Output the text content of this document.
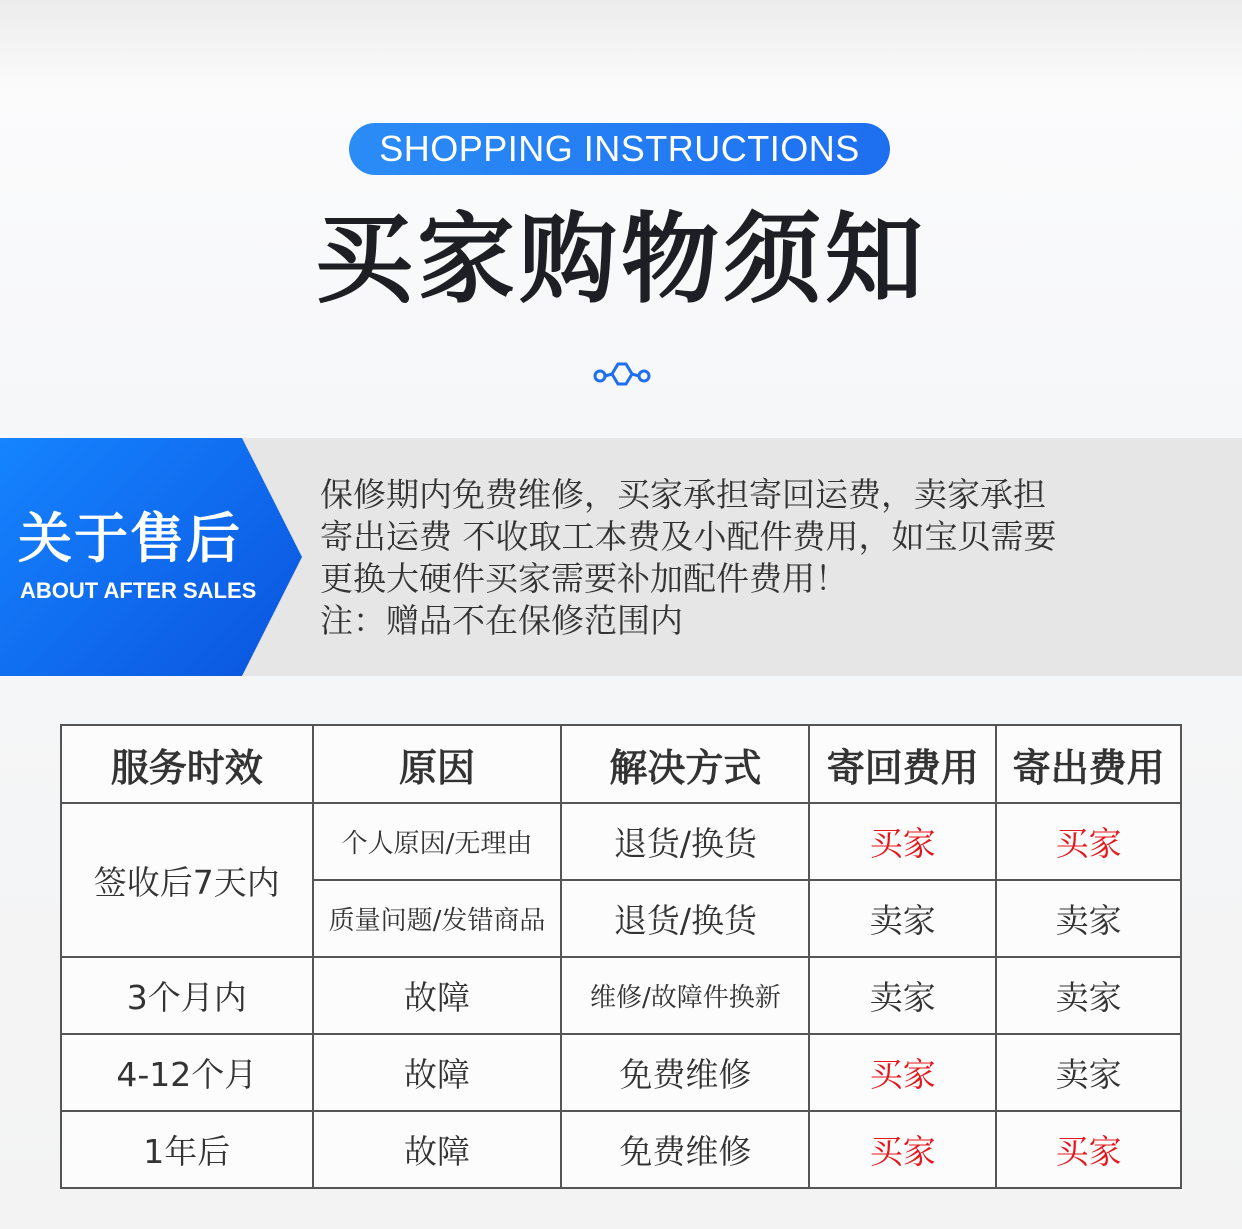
SHOPPING INSTRUCTIONS
买家购物须知
关于售后
ABOUT AFTER SALES
保修期内免费维修，买家承担寄回运费，卖家承担
寄出运费 不收取工本费及小配件费用，如宝贝需要
更换大硬件买家需要补加配件费用！
注：赠品不在保修范围内
服务时效	原因	解决方式	寄回费用	寄出费用
签收后7天内	个人原因/无理由	退货/换货	买家	买家
	质量问题/发错商品	退货/换货	卖家	卖家
3个月内	故障	维修/故障件换新	卖家	卖家
4-12个月	故障	免费维修	买家	卖家
1年后	故障	免费维修	买家	买家
